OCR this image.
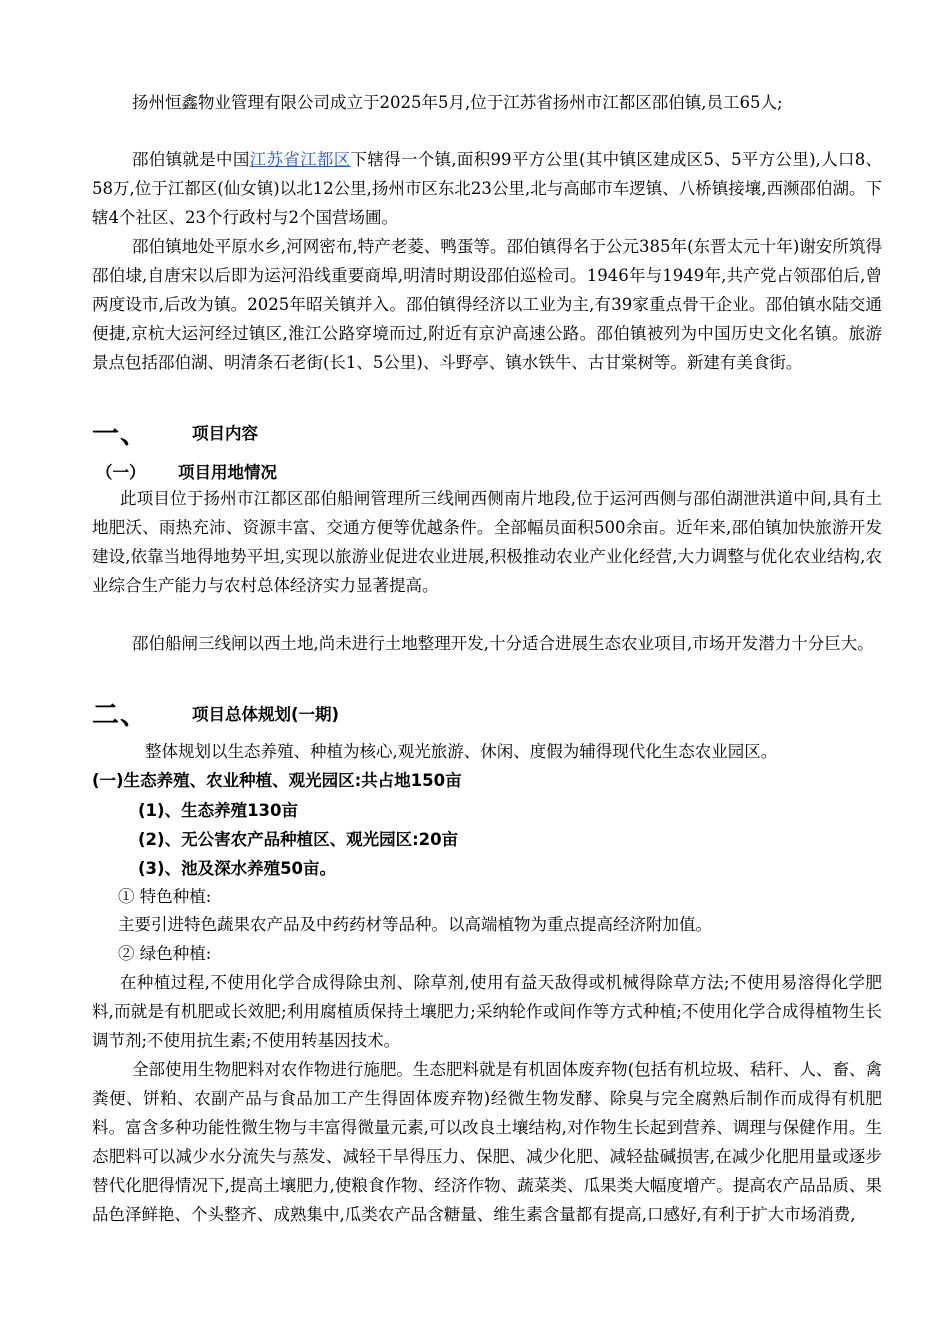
扬州恒鑫物业管理有限公司成立于2025年5月,位于江苏省扬州市江都区邵伯镇,员工65人;

邵伯镇就是中国江苏省江都区下辖得一个镇,面积99平方公里(其中镇区建成区5、5平方公里),人口8、58万,位于江都区(仙女镇)以北12公里,扬州市区东北23公里,北与高邮市车逻镇、八桥镇接壤,西濒邵伯湖。下辖4个社区、23个行政村与2个国营场圃。

邵伯镇地处平原水乡,河网密布,特产老菱、鸭蛋等。邵伯镇得名于公元385年(东晋太元十年)谢安所筑得邵伯埭,自唐宋以后即为运河沿线重要商埠,明清时期设邵伯巡检司。1946年与1949年,共产党占领邵伯后,曾两度设市,后改为镇。2025年昭关镇并入。邵伯镇得经济以工业为主,有39家重点骨干企业。邵伯镇水陆交通便捷,京杭大运河经过镇区,淮江公路穿境而过,附近有京沪高速公路。邵伯镇被列为中国历史文化名镇。旅游景点包括邵伯湖、明清条石老街(长1、5公里)、斗野亭、镇水铁牛、古甘棠树等。新建有美食街。

一、	项目内容
（一） 项目用地情况

此项目位于扬州市江都区邵伯船闸管理所三线闸西侧南片地段,位于运河西侧与邵伯湖泄洪道中间,具有土地肥沃、雨热充沛、资源丰富、交通方便等优越条件。全部幅员面积500余亩。近年来,邵伯镇加快旅游开发建设,依靠当地得地势平坦,实现以旅游业促进农业进展,积极推动农业产业化经营,大力调整与优化农业结构,农业综合生产能力与农村总体经济实力显著提高。

邵伯船闸三线闸以西土地,尚未进行土地整理开发,十分适合进展生态农业项目,市场开发潜力十分巨大。

二、	项目总体规划(一期)

整体规划以生态养殖、种植为核心,观光旅游、休闲、度假为辅得现代化生态农业园区。

(一)生态养殖、农业种植、观光园区:共占地150亩

(1)、生态养殖130亩

(2)、无公害农产品种植区、观光园区:20亩

(3)、池及深水养殖50亩。

① 特色种植:

主要引进特色蔬果农产品及中药药材等品种。以高端植物为重点提高经济附加值。

② 绿色种植:

在种植过程,不使用化学合成得除虫剂、除草剂,使用有益天敌得或机械得除草方法;不使用易溶得化学肥料,而就是有机肥或长效肥;利用腐植质保持土壤肥力;采纳轮作或间作等方式种植;不使用化学合成得植物生长调节剂;不使用抗生素;不使用转基因技术。

全部使用生物肥料对农作物进行施肥。生态肥料就是有机固体废弃物(包括有机垃圾、秸秆、人、畜、禽粪便、饼粕、农副产品与食品加工产生得固体废弃物)经微生物发酵、除臭与完全腐熟后制作而成得有机肥料。富含多种功能性微生物与丰富得微量元素,可以改良土壤结构,对作物生长起到营养、调理与保健作用。生态肥料可以减少水分流失与蒸发、减轻干旱得压力、保肥、减少化肥、减轻盐碱损害,在减少化肥用量或逐步替代化肥得情况下,提高土壤肥力,使粮食作物、经济作物、蔬菜类、瓜果类大幅度增产。提高农产品品质、果品色泽鲜艳、个头整齐、成熟集中,瓜类农产品含糖量、维生素含量都有提高,口感好,有利于扩大市场消费,
